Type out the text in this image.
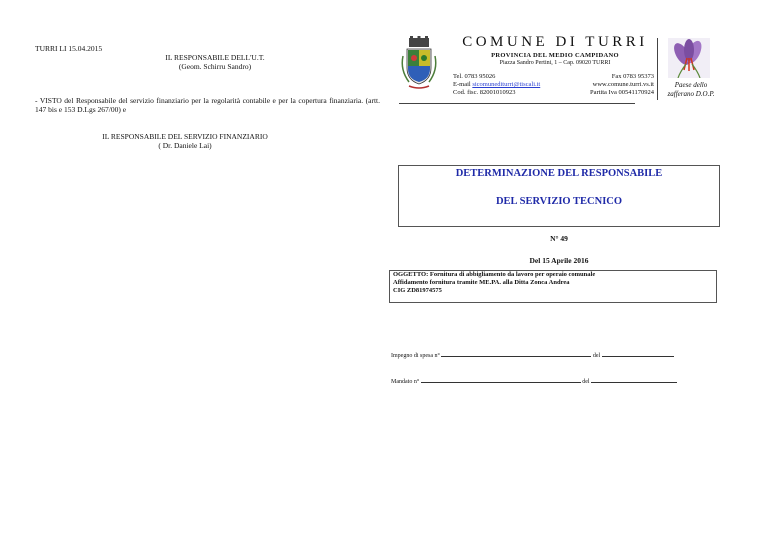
TURRI LI 15.04.2015
IL RESPONSABILE DELL'U.T.
(Geom. Schirru Sandro)
- VISTO del Responsabile del servizio finanziario per la regolarità contabile e per la copertura finanziaria. (artt. 147 bis e 153 D.Lgs 267/00) e
IL RESPONSABILE DEL SERVIZIO FINANZIARIO
( Dr. Daniele Lai)
COMUNE DI TURRI
PROVINCIA DEL MEDIO CAMPIDANO
Piazza Sandro Pertini, 1 – Cap. 09020 TURRI
Tel. 0783 95026
E-mail sicomunediturri@tiscali.it
Cod. fisc. 82001010923
Fax 0783 95373
www.comune.turri.vs.it
Partita Iva 00541170924
Paese dello
zafferano D.O.P.
DETERMINAZIONE DEL RESPONSABILE
DEL SERVIZIO TECNICO
N° 49
Del 15 Aprile 2016
OGGETTO: Fornitura di abbigliamento da lavoro per operaio comunale
Affidamento fornitura tramite ME.PA. alla Ditta Zonca Andrea
CIG ZD81974575
Impegno di spesa n°	del
Mandato n°	del
